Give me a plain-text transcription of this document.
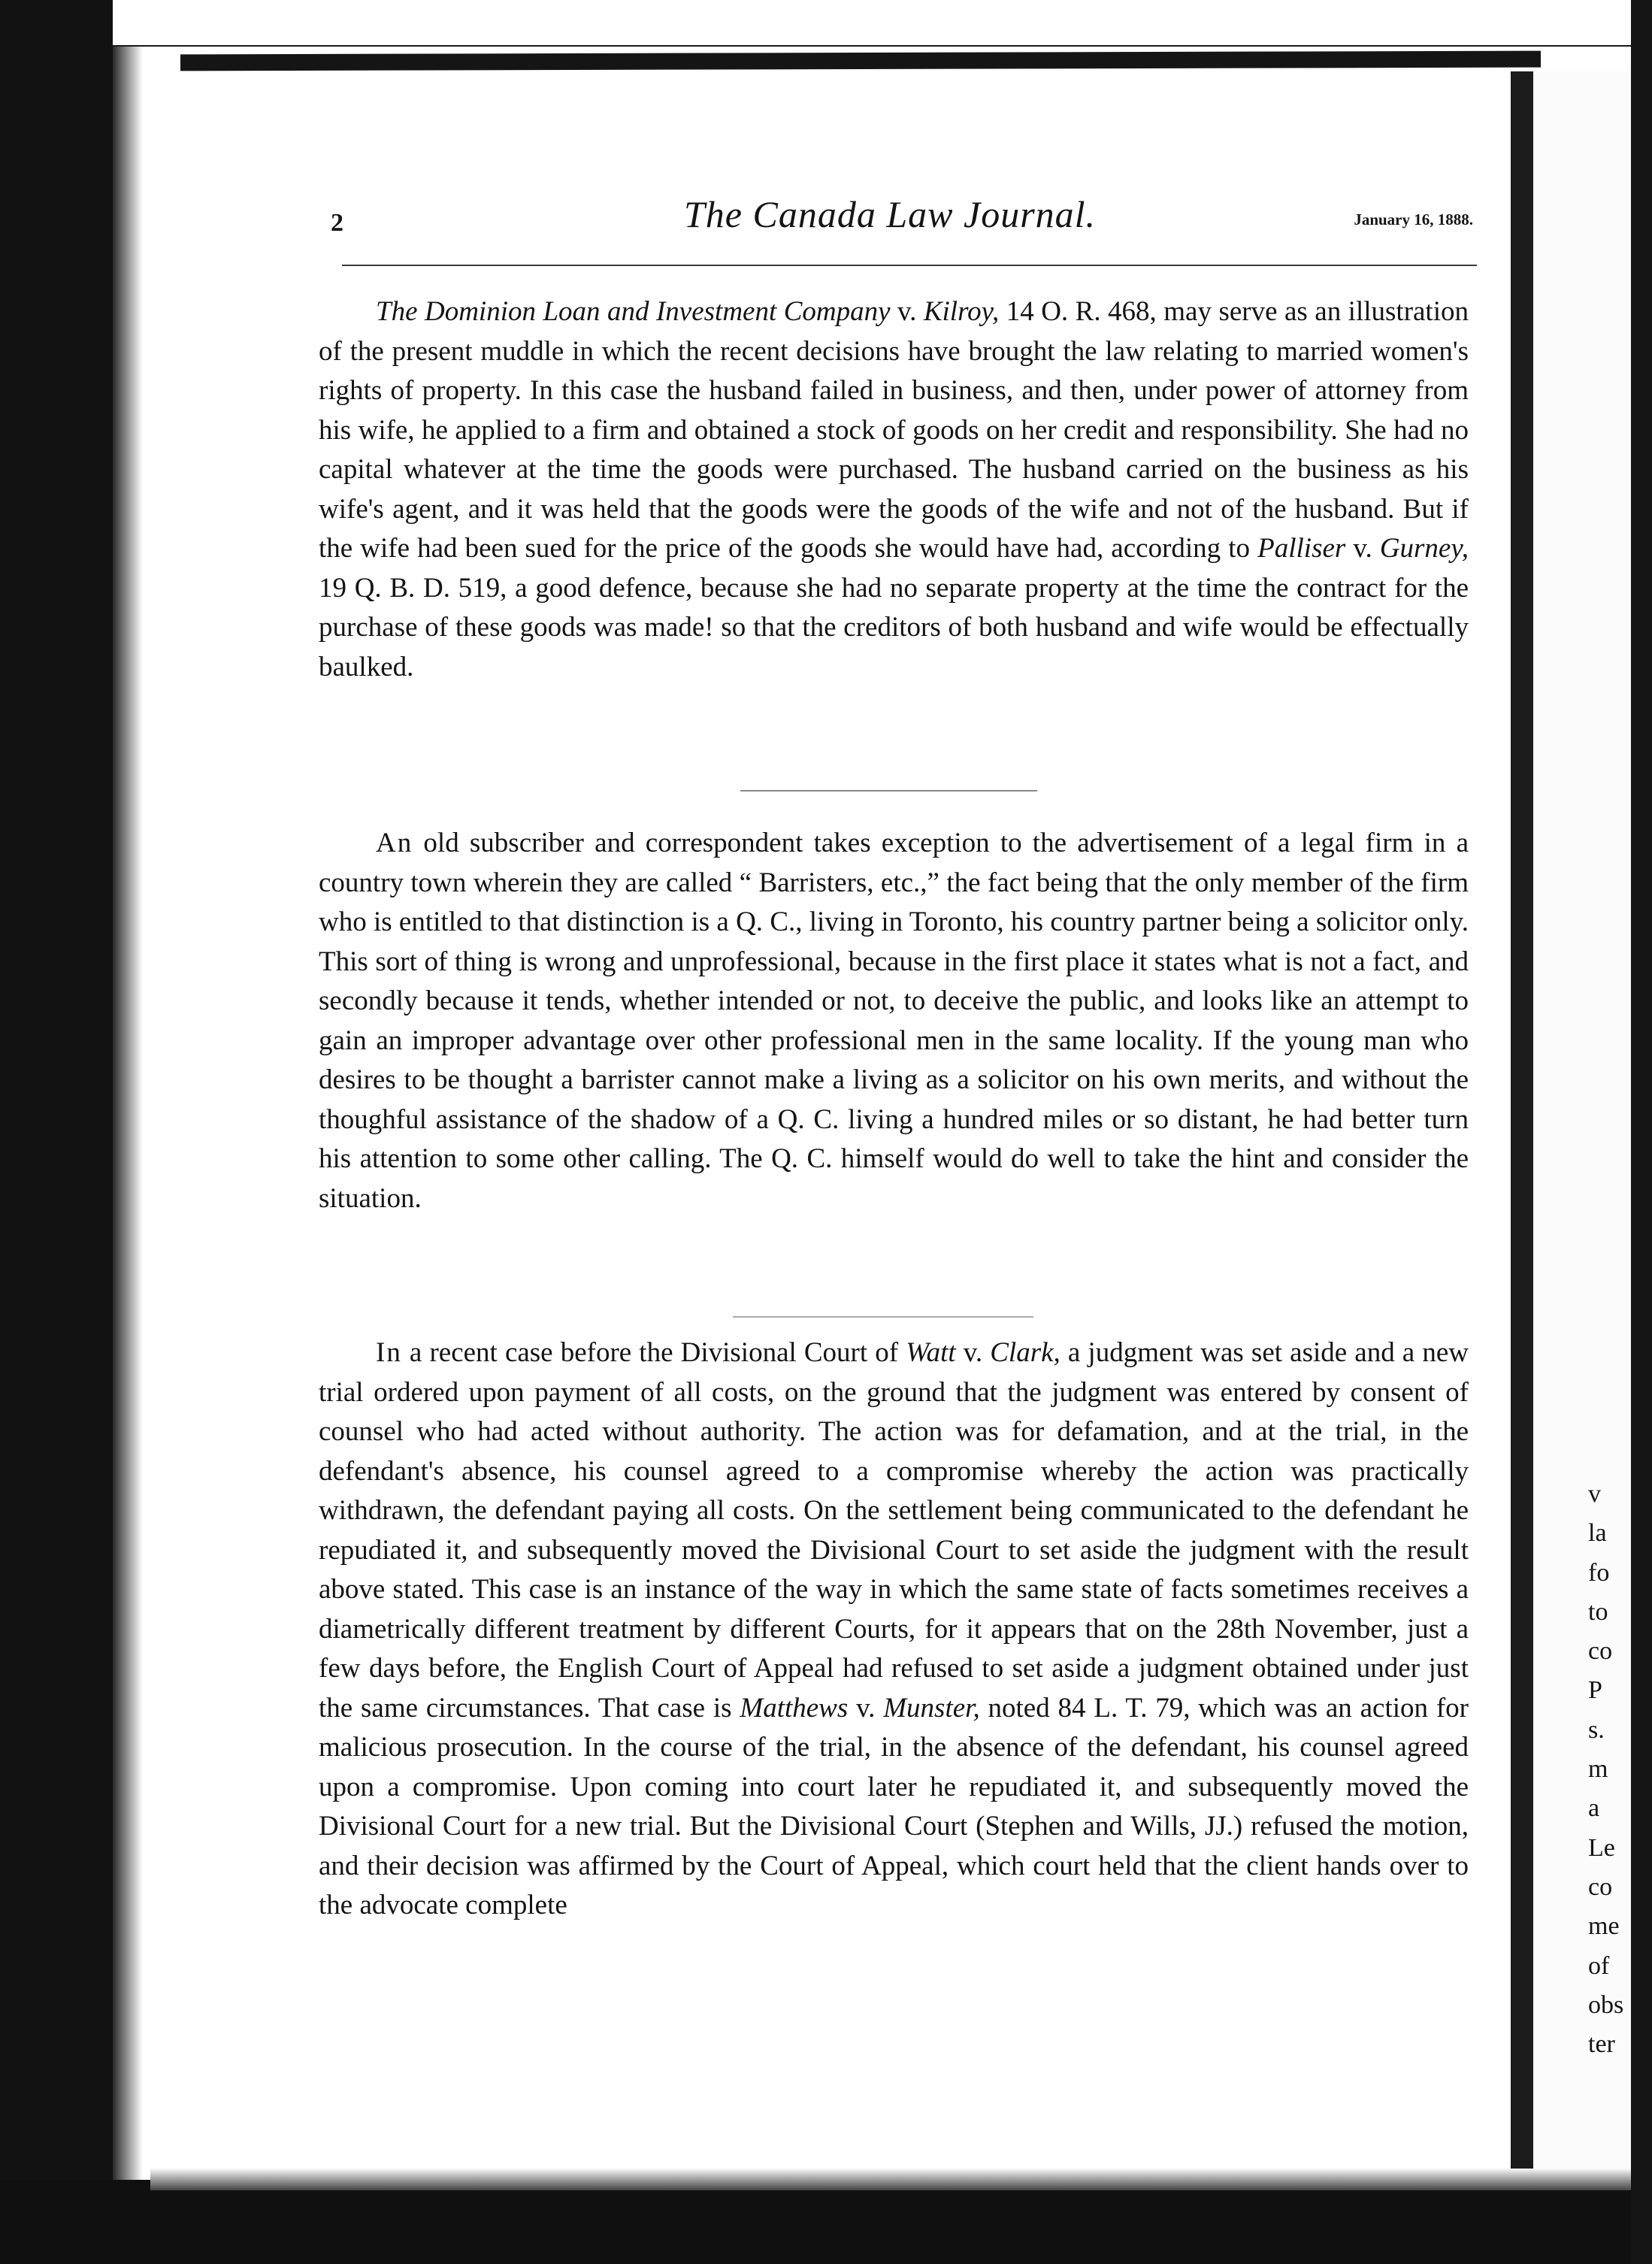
2	The Canada Law Journal.	January 16, 1888.

The Dominion Loan and Investment Company v. Kilroy, 14 O. R. 468, may serve as an illustration of the present muddle in which the recent decisions have brought the law relating to married women's rights of property. In this case the husband failed in business, and then, under power of attorney from his wife, he applied to a firm and obtained a stock of goods on her credit and responsibility. She had no capital whatever at the time the goods were purchased. The husband carried on the business as his wife's agent, and it was held that the goods were the goods of the wife and not of the husband. But if the wife had been sued for the price of the goods she would have had, according to Palliser v. Gurney, 19 Q. B. D. 519, a good defence, because she had no separate property at the time the contract for the purchase of these goods was made! so that the creditors of both husband and wife would be effectually baulked.

An old subscriber and correspondent takes exception to the advertisement of a legal firm in a country town wherein they are called “ Barristers, etc.,” the fact being that the only member of the firm who is entitled to that distinction is a Q. C., living in Toronto, his country partner being a solicitor only. This sort of thing is wrong and unprofessional, because in the first place it states what is not a fact, and secondly because it tends, whether intended or not, to deceive the public, and looks like an attempt to gain an improper advantage over other professional men in the same locality. If the young man who desires to be thought a barrister cannot make a living as a solicitor on his own merits, and without the thoughful assistance of the shadow of a Q. C. living a hundred miles or so distant, he had better turn his attention to some other calling. The Q. C. himself would do well to take the hint and consider the situation.

In a recent case before the Divisional Court of Watt v. Clark, a judgment was set aside and a new trial ordered upon payment of all costs, on the ground that the judgment was entered by consent of counsel who had acted without authority. The action was for defamation, and at the trial, in the defendant's absence, his counsel agreed to a compromise whereby the action was practically withdrawn, the defendant paying all costs. On the settlement being communicated to the defendant he repudiated it, and subsequently moved the Divisional Court to set aside the judgment with the result above stated. This case is an instance of the way in which the same state of facts sometimes receives a diametrically different treatment by different Courts, for it appears that on the 28th November, just a few days before, the English Court of Appeal had refused to set aside a judgment obtained under just the same circumstances. That case is Matthews v. Munster, noted 84 L. T. 79, which was an action for malicious prosecution. In the course of the trial, in the absence of the defendant, his counsel agreed upon a compromise. Upon coming into court later he repudiated it, and subsequently moved the Divisional Court for a new trial. But the Divisional Court (Stephen and Wills, JJ.) refused the motion, and their decision was affirmed by the Court of Appeal, which court held that the client hands over to the advocate complete

v
la
fo
to
co
P
s.
m
a
Le
co
me
of
obs
ter
